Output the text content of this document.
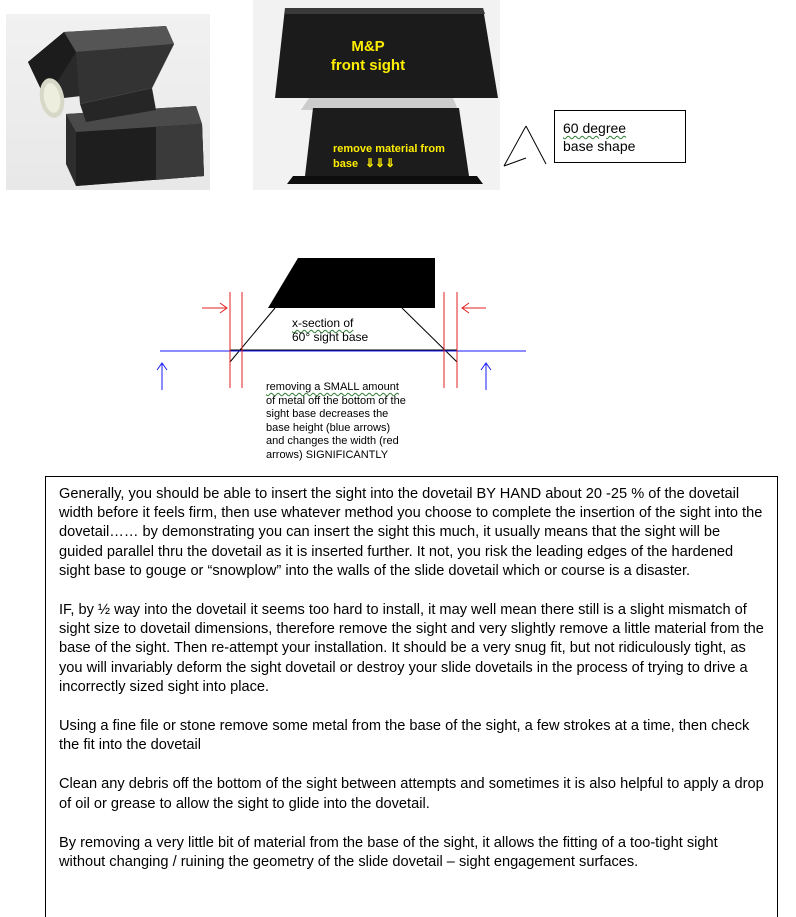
M&P
front sight
remove material from
base ⇓⇓⇓
60 degree
base shape
x-section of
60° sight base
removing a SMALL amount
of metal off the bottom of the
sight base decreases the
base height (blue arrows)
and changes the width (red
arrows) SIGNIFICANTLY

Generally, you should be able to insert the sight into the dovetail BY HAND about 20 -25 % of the dovetail width before it feels firm, then use whatever method you choose to complete the insertion of the sight into the dovetail…… by demonstrating you can insert the sight this much, it usually means that the sight will be guided parallel thru the dovetail as it is inserted further. It not, you risk the leading edges of the hardened sight base to gouge or “snowplow” into the walls of the slide dovetail which or course is a disaster.

IF, by ½ way into the dovetail it seems too hard to install, it may well mean there still is a slight mismatch of sight size to dovetail dimensions, therefore remove the sight and very slightly remove a little material from the base of the sight. Then re-attempt your installation. It should be a very snug fit, but not ridiculously tight, as you will invariably deform the sight dovetail or destroy your slide dovetails in the process of trying to drive a incorrectly sized sight into place.

Using a fine file or stone remove some metal from the base of the sight, a few strokes at a time, then check the fit into the dovetail

Clean any debris off the bottom of the sight between attempts and sometimes it is also helpful to apply a drop of oil or grease to allow the sight to glide into the dovetail.

By removing a very little bit of material from the base of the sight, it allows the fitting of a too-tight sight without changing / ruining the geometry of the slide dovetail – sight engagement surfaces.
